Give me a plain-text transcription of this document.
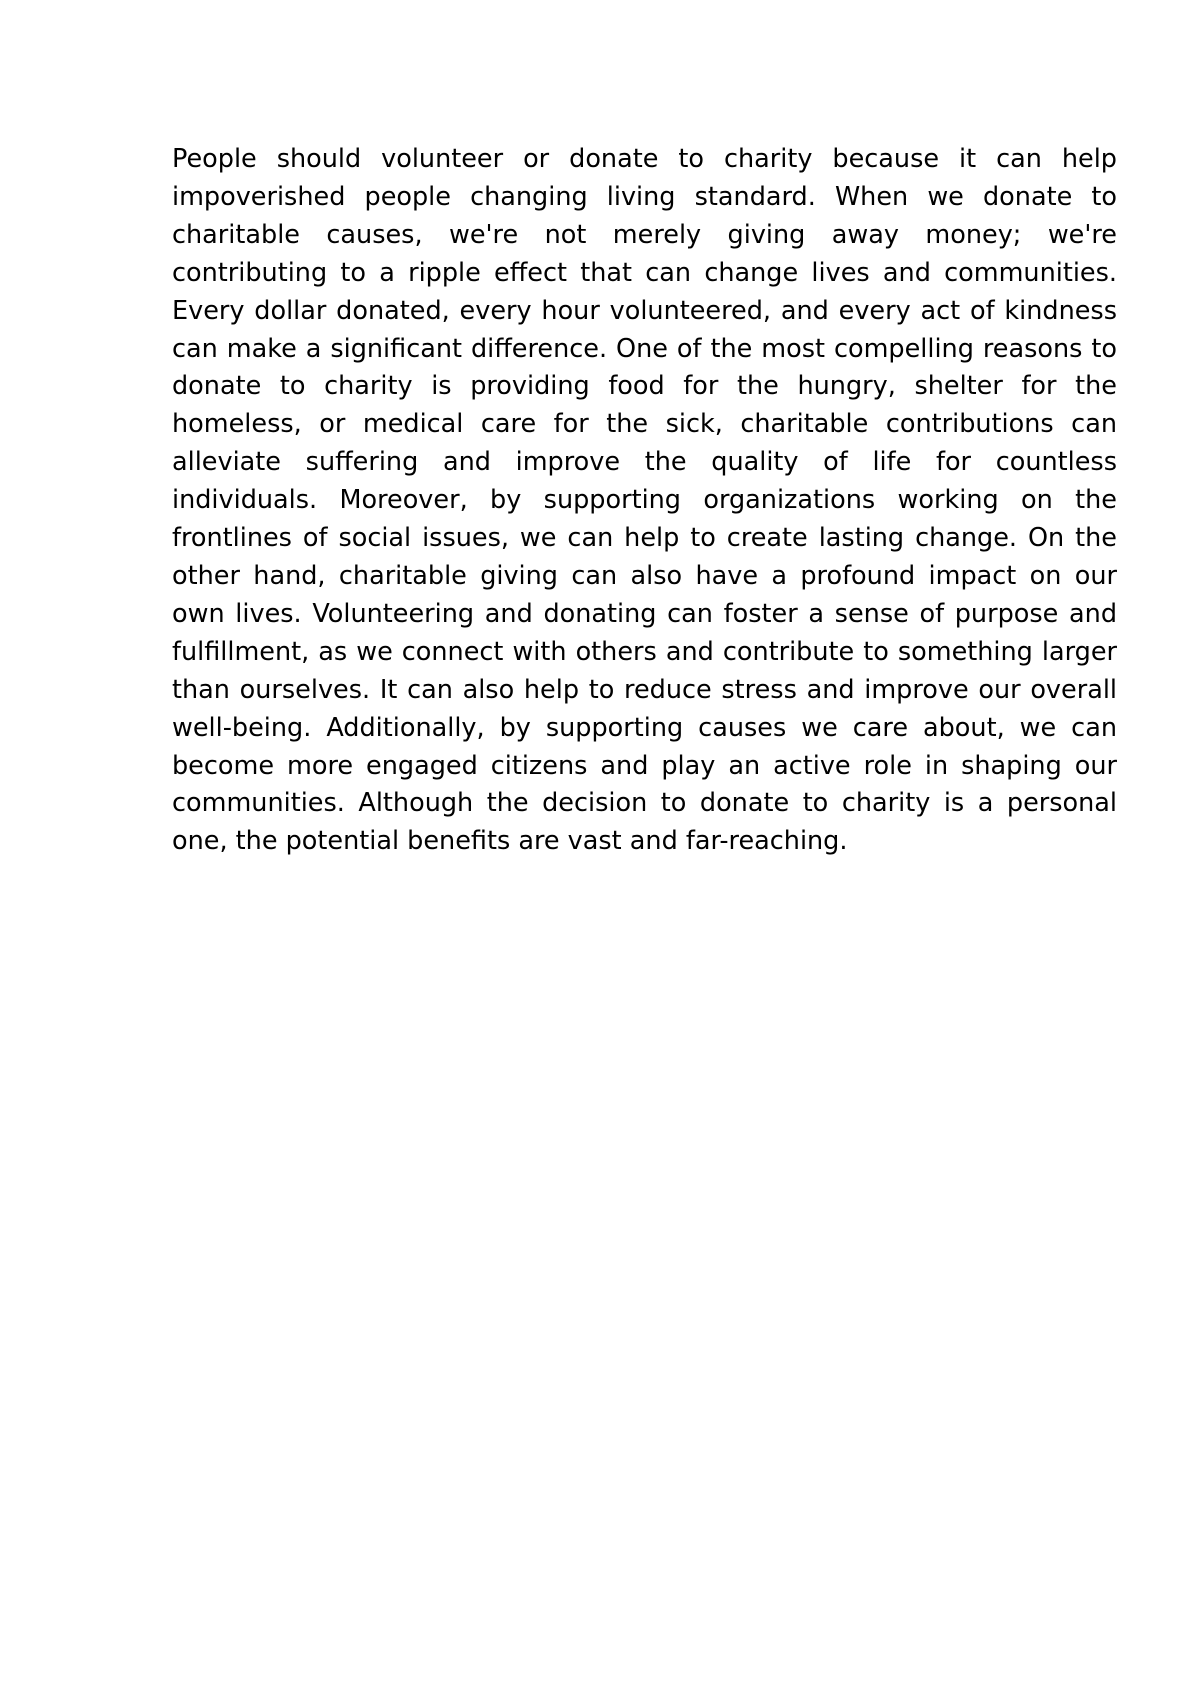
People should volunteer or donate to charity because it can help impoverished people changing living standard. When we donate to charitable causes, we're not merely giving away money; we're contributing to a ripple effect that can change lives and communities. Every dollar donated, every hour volunteered, and every act of kindness can make a significant difference. One of the most compelling reasons to donate to charity is providing food for the hungry, shelter for the homeless, or medical care for the sick, charitable contributions can alleviate suffering and improve the quality of life for countless individuals. Moreover, by supporting organizations working on the frontlines of social issues, we can help to create lasting change. On the other hand, charitable giving can also have a profound impact on our own lives. Volunteering and donating can foster a sense of purpose and fulfillment, as we connect with others and contribute to something larger than ourselves. It can also help to reduce stress and improve our overall well-being. Additionally, by supporting causes we care about, we can become more engaged citizens and play an active role in shaping our communities. Although the decision to donate to charity is a personal one, the potential benefits are vast and far-reaching.
